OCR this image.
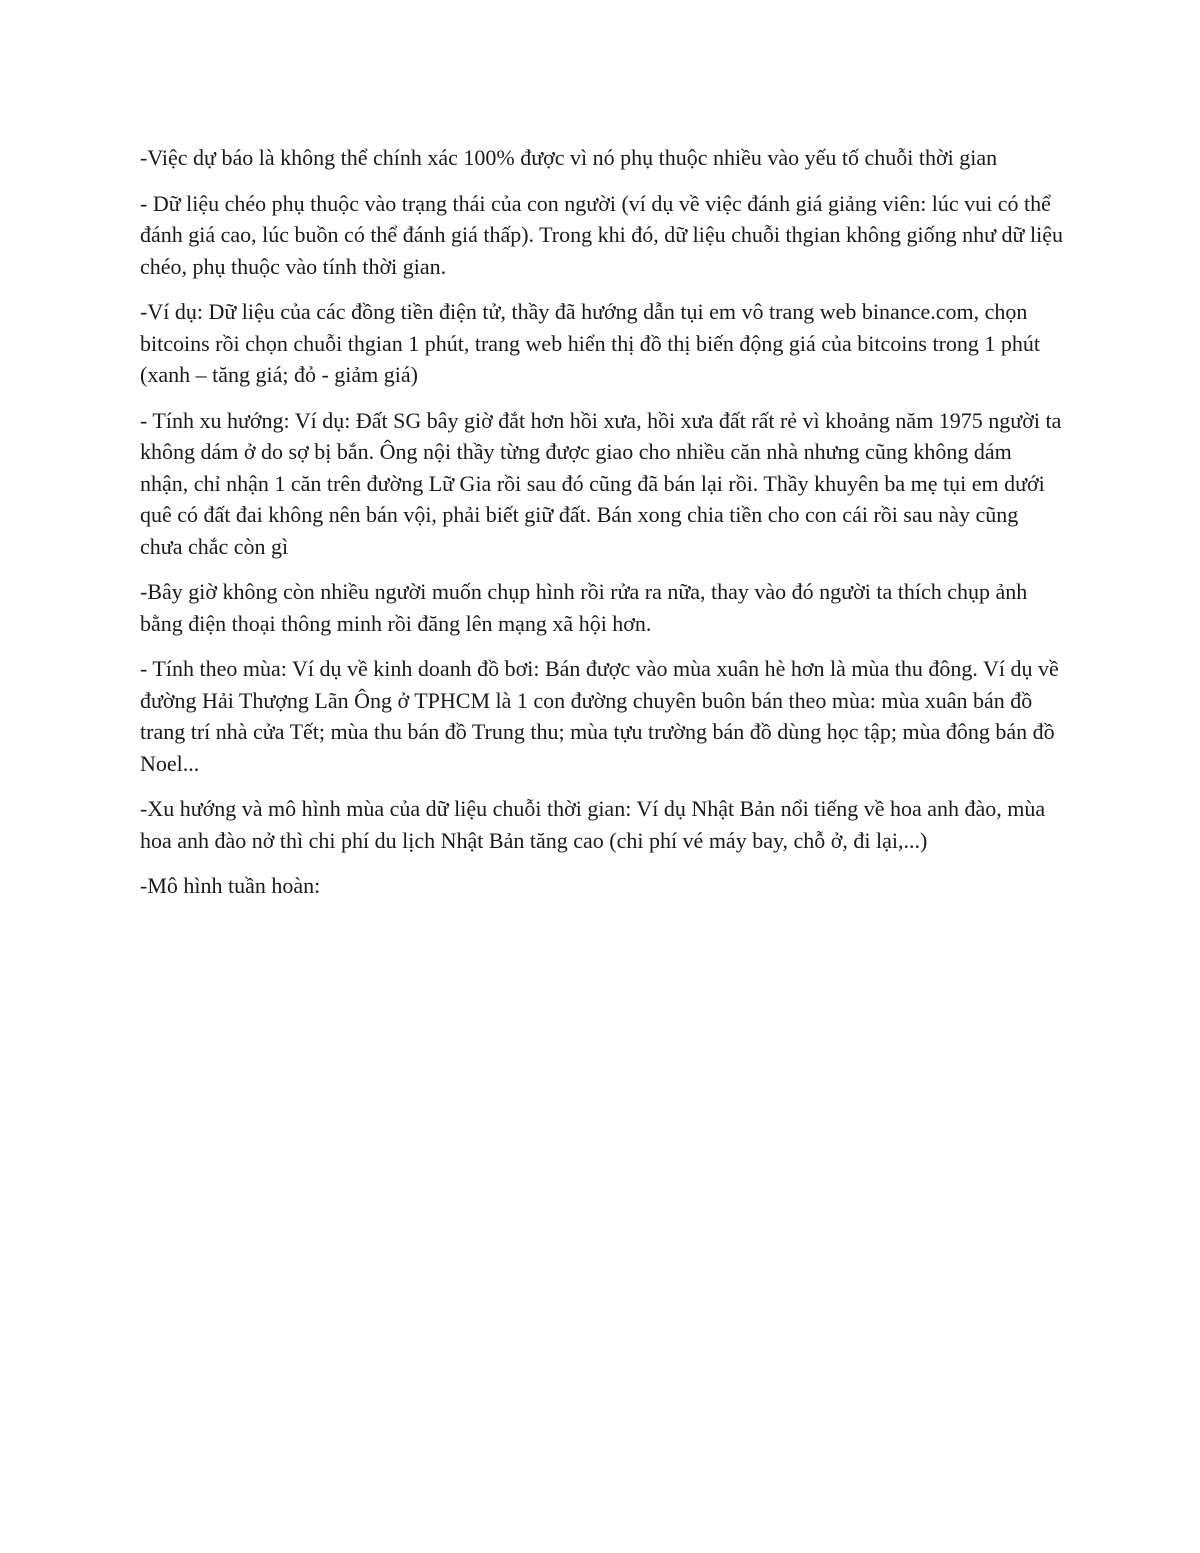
-Việc dự báo là không thể chính xác 100% được vì nó phụ thuộc nhiều vào yếu tố chuỗi thời gian

- Dữ liệu chéo phụ thuộc vào trạng thái của con người (ví dụ về việc đánh giá giảng viên: lúc vui có thể đánh giá cao, lúc buồn có thể đánh giá thấp). Trong khi đó, dữ liệu chuỗi thgian không giống như dữ liệu chéo, phụ thuộc vào tính thời gian.

-Ví dụ: Dữ liệu của các đồng tiền điện tử, thầy đã hướng dẫn tụi em vô trang web binance.com, chọn bitcoins rồi chọn chuỗi thgian 1 phút, trang web hiển thị đồ thị biến động giá của bitcoins trong 1 phút (xanh – tăng giá; đỏ - giảm giá)

- Tính xu hướng: Ví dụ: Đất SG bây giờ đắt hơn hồi xưa, hồi xưa đất rất rẻ vì khoảng năm 1975 người ta không dám ở do sợ bị bắn. Ông nội thầy từng được giao cho nhiều căn nhà nhưng cũng không dám nhận, chỉ nhận 1 căn trên đường Lữ Gia rồi sau đó cũng đã bán lại rồi. Thầy khuyên ba mẹ tụi em dưới quê có đất đai không nên bán vội, phải biết giữ đất. Bán xong chia tiền cho con cái rồi sau này cũng chưa chắc còn gì

-Bây giờ không còn nhiều người muốn chụp hình rồi rửa ra nữa, thay vào đó người ta thích chụp ảnh bằng điện thoại thông minh rồi đăng lên mạng xã hội hơn.

- Tính theo mùa: Ví dụ về kinh doanh đồ bơi: Bán được vào mùa xuân hè hơn là mùa thu đông. Ví dụ về đường Hải Thượng Lãn Ông ở TPHCM là 1 con đường chuyên buôn bán theo mùa: mùa xuân bán đồ trang trí nhà cửa Tết; mùa thu bán đồ Trung thu; mùa tựu trường bán đồ dùng học tập; mùa đông bán đồ Noel...

-Xu hướng và mô hình mùa của dữ liệu chuỗi thời gian: Ví dụ Nhật Bản nổi tiếng về hoa anh đào, mùa hoa anh đào nở thì chi phí du lịch Nhật Bản tăng cao (chi phí vé máy bay, chỗ ở, đi lại,...)

-Mô hình tuần hoàn:
